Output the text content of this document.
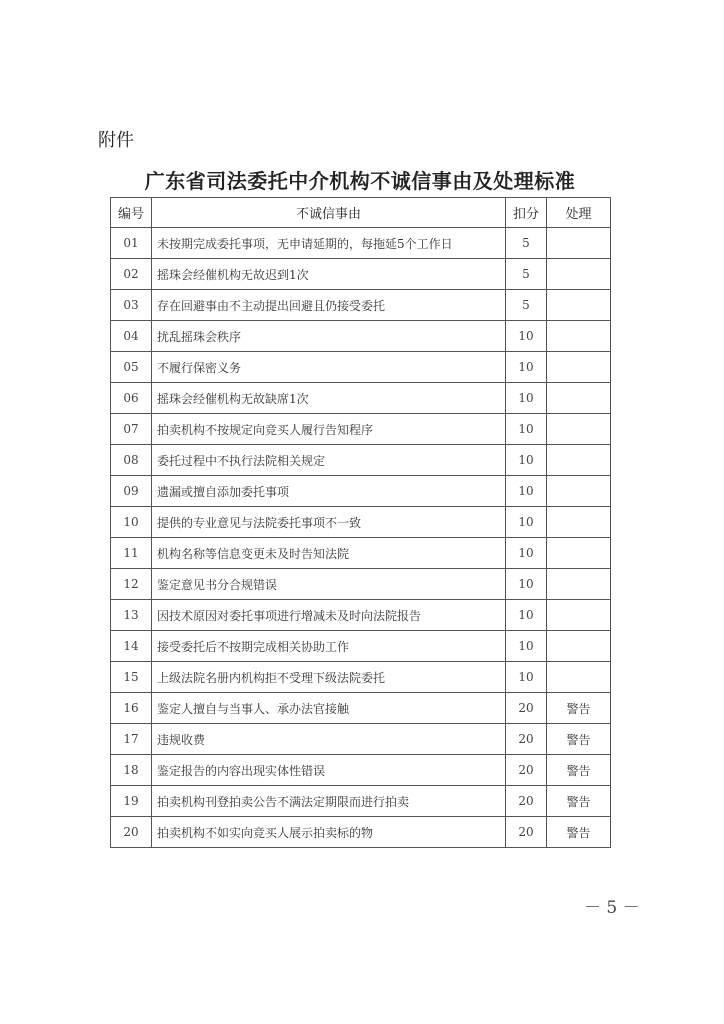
附件
广东省司法委托中介机构不诚信事由及处理标准
编号	不诚信事由	扣分	处理
01	未按期完成委托事项，无申请延期的，每拖延5个工作日	5	
02	摇珠会经催机构无故迟到1次	5	
03	存在回避事由不主动提出回避且仍接受委托	5	
04	扰乱摇珠会秩序	10	
05	不履行保密义务	10	
06	摇珠会经催机构无故缺席1次	10	
07	拍卖机构不按规定向竞买人履行告知程序	10	
08	委托过程中不执行法院相关规定	10	
09	遗漏或擅自添加委托事项	10	
10	提供的专业意见与法院委托事项不一致	10	
11	机构名称等信息变更未及时告知法院	10	
12	鉴定意见书分合规错误	10	
13	因技术原因对委托事项进行增减未及时向法院报告	10	
14	接受委托后不按期完成相关协助工作	10	
15	上级法院名册内机构拒不受理下级法院委托	10	
16	鉴定人擅自与当事人、承办法官接触	20	警告
17	违规收费	20	警告
18	鉴定报告的内容出现实体性错误	20	警告
19	拍卖机构刊登拍卖公告不满法定期限而进行拍卖	20	警告
20	拍卖机构不如实向竞买人展示拍卖标的物	20	警告
－ 5 －
